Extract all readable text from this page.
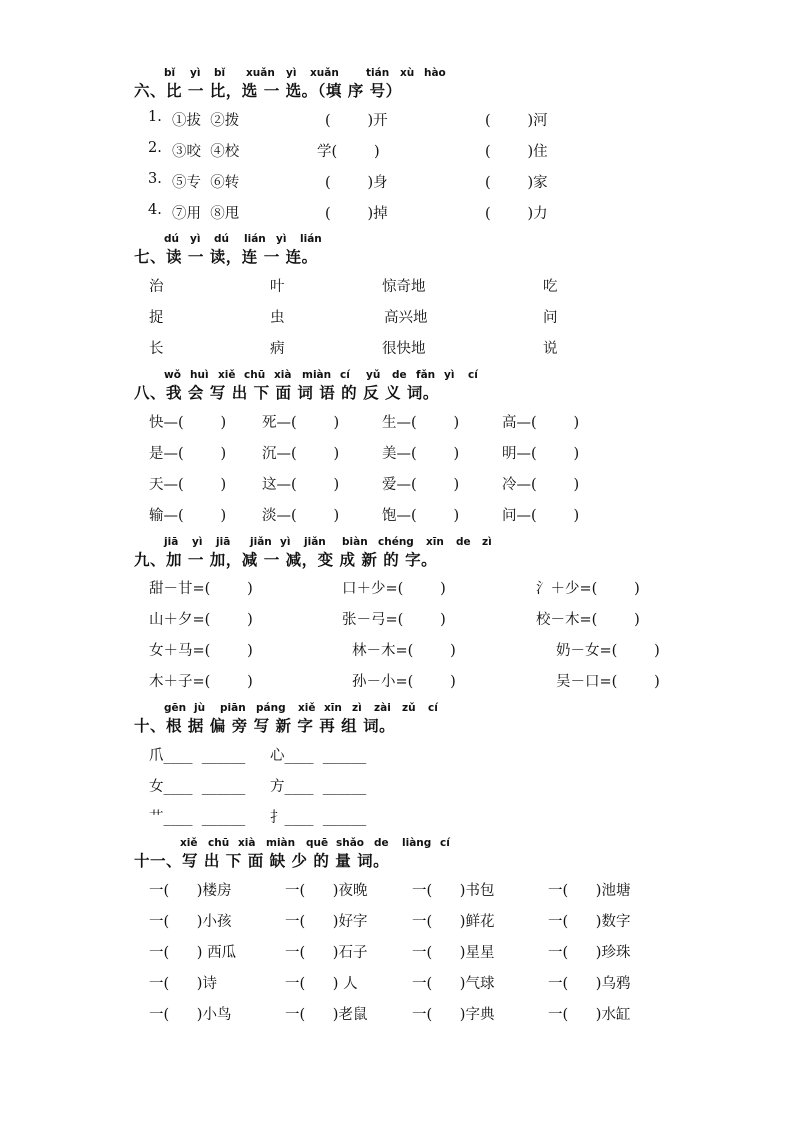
bǐ yì bǐ xuǎn yì xuǎn	tián xù hào
六、比 一 比，选 一 选。（填 序 号）
1. ①拔  ②拨	(        )开	(        )河
2. ③咬  ④校	学(        )	(        )住
3. ⑤专  ⑥转	(        )身	(        )家
4. ⑦用  ⑧甩	(        )掉	(        )力
dú yì dú lián yì lián
七、读 一 读，连 一 连。
治	叶	惊奇地	吃
捉	虫	高兴地	问
长	病	很快地	说
wǒ huì xiě chū xià miàn cí yǔ de fǎn yì cí
八、我 会 写 出 下 面 词 语 的 反 义 词。
快—(        ) 死—(        )	生—(        )	高—(        )
是—(        ) 沉—(        )	美—(        )	明—(        )
天—(        ) 这—(        )	爱—(        )	冷—(        )
输—(        ) 淡—(        )	饱—(        )	问—(        )
jiā yì jiā jiǎn yì jiǎn biàn chéng xīn de zì
九、加 一 加，减 一 减，变 成 新 的 字。
甜－甘=(        )	口＋少=(        )	氵＋少=(        )
山＋夕=(        )	张－弓=(        )	校－木=(        )
女＋马=(        )	林－木=(        )	奶－女=(        )
木＋子=(        )	孙－小=(        )	吴－口=(        )
gēn jù piān páng xiě xīn zì zài zǔ cí
十、根 据 偏 旁 写 新 字 再 组 词。
爪____  ______ 心____  ______
女____  ______ 方____  ______
艹____  ______ 扌____  ______
xiě chū xià miàn quē shǎo de liàng cí
十一、写 出 下 面 缺 少 的 量 词。
一(      )楼房	一(      )夜晚	一(      )书包	一(      )池塘
一(      )小孩	一(      )好字	一(      )鲜花	一(      )数字
一(      ) 西瓜	一(      )石子	一(      )星星	一(      )珍珠
一(      )诗	一(      ) 人	一(      )气球	一(      )乌鸦
一(      )小鸟	一(      )老鼠	一(      )字典	一(      )水缸
